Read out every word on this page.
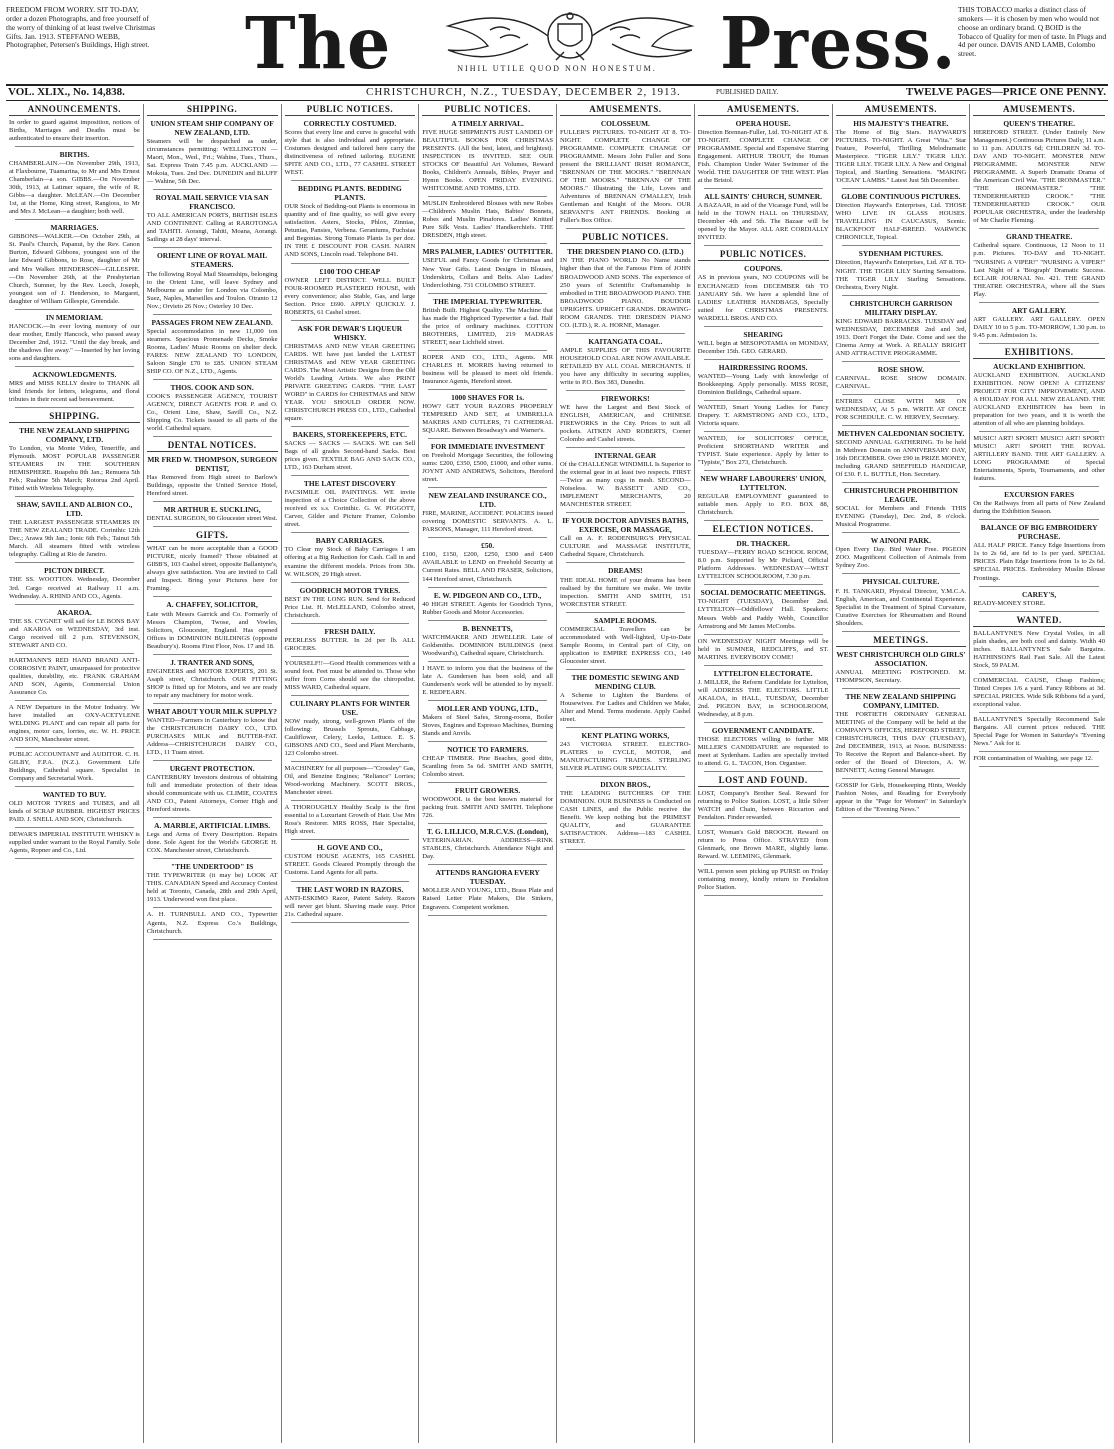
FREEDOM FROM WORRY. SIT TO-DAY, order a dozen Photographs, and free yourself of the worry of thinking of at least twelve Christmas Gifts. Jan. 1913. STEFFANO WEBB, Photographer, Petersen's Buildings, High street. The	Press. THIS TOBACCO marks a distinct class of smokers — it is chosen by men who would not choose an ordinary brand. Q BOID is the Tobacco of Quality for men of taste. In Plugs and 4d per ounce. DAVIS AND LAMB, Colombo street.
NIHIL UTILE QUOD NON HONESTUM.
VOL. XLIX., No. 14,838.	CHRISTCHURCH, N.Z., TUESDAY, DECEMBER 2, 1913.	PUBLISHED DAILY.	TWELVE PAGES—PRICE ONE PENNY.
ANNOUNCEMENTS.
In order to guard against imposition, notices of Births, Marriages and Deaths must be authenticated to ensure their insertion.
BIRTHS.
CHAMBERLAIN.—On November 29th, 1913, at Flaxbourne, Tuamarina, to Mr and Mrs Ernest Chamberlain—a son. GIBBS.—On November 30th, 1913, at Latimer square, the wife of R. Gibbs—a daughter. McLEAN.—On December 1st, at the Home, King street, Rangiora, to Mr and Mrs J. McLean—a daughter; both well.
MARRIAGES.
GIBBONS—WALKER.—On October 29th, at St. Paul's Church, Papanui, by the Rev. Canon Burton, Edward Gibbons, youngest son of the late Edward Gibbons, to Rose, daughter of Mr and Mrs Walker. HENDERSON—GILLESPIE.—On November 26th, at the Presbyterian Church, Sumner, by the Rev. Leech, Joseph, youngest son of J. Henderson, to Margaret, daughter of William Gillespie, Greendale.
IN MEMORIAM.
HANCOCK.—In ever loving memory of our dear mother, Emily Hancock, who passed away December 2nd, 1912. "Until the day break, and the shadows flee away." —Inserted by her loving sons and daughters.
ACKNOWLEDGMENTS.
MRS and MISS KELLY desire to THANK all kind friends for letters, telegrams, and floral tributes in their recent sad bereavement.
SHIPPING.
THE NEW ZEALAND SHIPPING COMPANY, LTD.
To London, via Monte Video, Teneriffe, and Plymouth. MOST POPULAR PASSENGER STEAMERS IN THE SOUTHERN HEMISPHERE. Ruapehu 8th Jan.; Remuera 5th Feb.; Ruahine 5th March; Rotorua 2nd April. Fitted with Wireless Telegraphy.
SHAW, SAVILL AND ALBION CO., LTD.
THE LARGEST PASSENGER STEAMERS IN THE NEW ZEALAND TRADE. Corinthic 12th Dec.; Arawa 9th Jan.; Ionic 6th Feb.; Tainui 5th March. All steamers fitted with wireless telegraphy. Calling at Rio de Janeiro.
PICTON DIRECT.
THE SS. WOOTTON. Wednesday, December 3rd. Cargo received at Railway 11 a.m. Wednesday. A. RHIND AND CO., Agents.
AKAROA.
THE SS. CYGNET will sail for LE BONS BAY and AKAROA on WEDNESDAY, 3rd inst. Cargo received till 2 p.m. STEVENSON, STEWART AND CO.
HARTMANN'S RED HAND BRAND ANTI-CORROSIVE PAINT, unsurpassed for protective qualities, durability, etc. FRANK GRAHAM AND SON, Agents, Commercial Union Assurance Co.
A NEW Departure in the Motor Industry. We have installed an OXY-ACETYLENE WELDING PLANT and can repair all parts for engines, motor cars, lorries, etc. W. H. PRICE AND SON, Manchester street.
PUBLIC ACCOUNTANT and AUDITOR. C. H. GILBY, F.P.A. (N.Z.). Government Life Buildings, Cathedral square. Specialist in Company and Secretarial Work.
WANTED TO BUY.
OLD MOTOR TYRES and TUBES, and all kinds of SCRAP RUBBER. HIGHEST PRICES PAID. J. SNELL AND SON, Christchurch.
DEWAR'S IMPERIAL INSTITUTE WHISKY is supplied under warrant to the Royal Family. Sole Agents, Ropner and Co., Ltd.
SHIPPING.
UNION STEAM SHIP COMPANY OF NEW ZEALAND, LTD.
Steamers will be despatched as under, circumstances permitting: WELLINGTON — Maori, Mon., Wed., Fri.; Wahine, Tues., Thurs., Sat. Express Train 7.45 p.m. AUCKLAND — Mokoia, Tues. 2nd Dec. DUNEDIN and BLUFF — Wahine, 5th Dec.
ROYAL MAIL SERVICE VIA SAN FRANCISCO.
TO ALL AMERICAN PORTS, BRITISH ISLES AND CONTINENT. Calling at RAROTONGA and TAHITI. Aorangi, Tahiti, Moana, Aorangi. Sailings at 28 days' interval.
ORIENT LINE OF ROYAL MAIL STEAMERS.
The following Royal Mail Steamships, belonging to the Orient Line, will leave Sydney and Melbourne as under for London via Colombo, Suez, Naples, Marseilles and Toulon. Otranto 12 Nov.; Orvieto 26 Nov.; Osterley 10 Dec.
PASSAGES FROM NEW ZEALAND.
Special accommodation in new 11,000 ton steamers. Spacious Promenade Decks, Smoke Rooms, Ladies' Music Rooms on shelter deck. FARES: NEW ZEALAND TO LONDON, Saloon Single £70 to £85. UNION STEAM SHIP CO. OF N.Z., LTD., Agents.
THOS. COOK AND SON.
COOK'S PASSENGER AGENCY, TOURIST AGENCY, DIRECT AGENTS FOR P. and O. Co., Orient Line, Shaw, Savill Co., N.Z. Shipping Co. Tickets issued to all parts of the world. Cathedral square.
DENTAL NOTICES.
MR FRED W. THOMPSON, SURGEON DENTIST,
Has Removed from High street to Barlow's Buildings, opposite the United Service Hotel, Hereford street.
MR ARTHUR E. SUCKLING,
DENTAL SURGEON, 90 Gloucester street West.
GIFTS.
WHAT can be more acceptable than a GOOD PICTURE, nicely framed? Those obtained at GIBB'S, 103 Cashel street, opposite Ballantyne's, always give satisfaction. You are invited to Call and Inspect. Bring your Pictures here for Framing.
A. CHAFFEY, SOLICITOR,
Late with Messrs Garrick and Co. Formerly of Messrs Champion, Twose, and Vowles, Solicitors, Gloucester, England. Has opened Offices in DOMINION BUILDINGS (opposite Beaubury's). Rooms First Floor, Nos. 17 and 18.
J. TRANTER AND SONS,
ENGINEERS and MOTOR EXPERTS, 201 St. Asaph street, Christchurch. OUR FITTING SHOP is fitted up for Motors, and we are ready to repair any machinery for motor work.
WHAT ABOUT YOUR MILK SUPPLY?
WANTED—Farmers in Canterbury to know that the CHRISTCHURCH DAIRY CO., LTD. PURCHASES MILK and BUTTER-FAT. Address—CHRISTCHURCH DAIRY CO., LTD., 11 Tuam street.
URGENT PROTECTION.
CANTERBURY Investors desirous of obtaining full and immediate protection of their ideas should communicate with us. CLIMIE, COATES AND CO., Patent Attorneys, Corner High and Hereford streets.
A. MARBLE, ARTIFICIAL LIMBS.
Legs and Arms of Every Description. Repairs done. Sole Agent for the World's GEORGE H. COX. Manchester street, Christchurch.
"THE UNDERTOOD" IS
THE TYPEWRITER (it may be) LOOK AT THIS. CANADIAN Speed and Accuracy Contest held at Toronto, Canada, 28th and 29th April, 1913. Underwood won first place.
A. H. TURNBULL AND CO., Typewriter Agents, N.Z. Express Co.'s Buildings, Christchurch.
PUBLIC NOTICES.
CORRECTLY COSTUMED.
Scores that every line and curve is graceful with style that is also individual and appropriate. Costumes designed and tailored here carry the distinctiveness of refined tailoring. EUGENE SPITE AND CO., LTD., 77 CASHEL STREET WEST.
BEDDING PLANTS. BEDDING PLANTS.
OUR Stock of Bedding-out Plants is enormous in quantity and of fine quality, so will give every satisfaction. Asters, Stocks, Phlox, Zinnias, Petunias, Pansies, Verbena. Geraniums, Fuchsias and Begonias. Strong Tomato Plants 1s per doz. IN THE £ DISCOUNT FOR CASH. NAIRN AND SONS, Lincoln road. Telephone 841.
£100 TOO CHEAP
OWNER LEFT DISTRICT. WELL BUILT FOUR-ROOMED PLASTERED HOUSE, with every convenience; also Stable, Gas, and large Section. Price £690. APPLY QUICKLY. J. ROBERTS, 61 Cashel street.
ASK FOR DEWAR'S LIQUEUR WHISKY.
CHRISTMAS AND NEW YEAR GREETING CARDS. WE have just landed the LATEST CHRISTMAS and NEW YEAR GREETING CARDS. The Most Artistic Designs from the Old World's Leading Artists. We also PRINT PRIVATE GREETING CARDS. "THE LAST WORD" in CARDS for CHRISTMAS and NEW YEAR. YOU SHOULD ORDER NOW. CHRISTCHURCH PRESS CO., LTD., Cathedral square.
BAKERS, STOREKEEPERS, ETC.
SACKS — SACKS — SACKS. WE can Sell Bags of all grades Second-hand Sacks. Best prices given. TEXTILE BAG AND SACK CO., LTD., 163 Durham street.
THE LATEST DISCOVERY
FACSIMILE OIL PAINTINGS. WE invite inspection of a Choice Collection of the above received ex s.s. Corinthic. G. W. PIGGOTT, Carver, Gilder and Picture Framer, Colombo street.
BABY CARRIAGES.
TO Clear my Stock of Baby Carriages I am offering at a Big Reduction for Cash. Call in and examine the different models. Prices from 30s. W. WILSON, 29 High street.
GOODRICH MOTOR TYRES.
BEST IN THE LONG RUN. Send for Reduced Price List. H. McLELLAND, Colombo street, Christchurch.
FRESH DAILY.
PEERLESS BUTTER. In 2d per lb. ALL GROCERS.
YOURSELF!!—Good Health commences with a sound foot. Feet must be attended to. Those who suffer from Corns should see the chiropodist. MISS WARD, Cathedral square.
CULINARY PLANTS FOR WINTER USE.
NOW ready, strong, well-grown Plants of the following: Brussels Sprouts, Cabbage, Cauliflower, Celery, Leeks, Lettuce. E. S. GIBSONS AND CO., Seed and Plant Merchants, 123 Colombo street.
MACHINERY for all purposes—"Crossley" Gas, Oil, and Benzine Engines; "Reliance" Lorries; Wood-working Machinery. SCOTT BROS., Manchester street.
A THOROUGHLY Healthy Scalp is the first essential to a Luxuriant Growth of Hair. Use Mrs Ross's Restorer. MRS ROSS, Hair Specialist, High street.
H. GOVE AND CO.,
CUSTOM HOUSE AGENTS, 165 CASHEL STREET. Goods Cleared Promptly through the Customs. Land Agents for all parts.
THE LAST WORD IN RAZORS.
ANTI-ESKIMO Razor, Patent Safety. Razors will never get blunt. Shaving made easy. Price 21s. Cathedral square.
PUBLIC NOTICES.
A TIMELY ARRIVAL.
FIVE HUGE SHIPMENTS JUST LANDED OF BEAUTIFUL BOOKS FOR CHRISTMAS PRESENTS. (All the best, latest, and brightest). INSPECTION IS INVITED. SEE OUR STOCKS OF Beautiful Art Volumes, Reward Books, Children's Annuals, Bibles, Prayer and Hymn Books. OPEN FRIDAY EVENING. WHITCOMBE AND TOMBS, LTD.
MUSLIN Embroidered Blouses with new Robes—Children's Muslin Hats, Babies' Bonnets, Robes and Muslin Pinafores. Ladies' Knitted Pure Silk Vests. Ladies' Handkerchiefs. THE DRESDEN, High street.
MRS PALMER, LADIES' OUTFITTER.
USEFUL and Fancy Goods for Christmas and New Year Gifts. Latest Designs in Blouses, Underskirts, Collars and Belts. Also Ladies' Underclothing. 731 COLOMBO STREET.
THE IMPERIAL TYPEWRITER.
British Built. Highest Quality. The Machine that has made the Highpriced Typewriter a fad. Half the price of ordinary machines. COTTON BROTHERS, LIMITED, 219 MADRAS STREET, near Lichfield street.
ROPER AND CO., LTD., Agents. MR CHARLES H. MORRIS having returned to business will be pleased to meet old friends. Insurance Agents, Hereford street.
1000 SHAVES FOR 1s.
HOW? GET YOUR RAZORS PROPERLY TEMPERED AND SET, at UMBRELLA MAKERS AND CUTLERS, 71 CATHEDRAL SQUARE. Between Broadway's and Warner's.
FOR IMMEDIATE INVESTMENT
on Freehold Mortgage Securities, the following sums: £200, £350, £500, £1000, and other sums. JOYNT AND ANDREWS, Solicitors, Hereford street.
NEW ZEALAND INSURANCE CO., LTD.
FIRE, MARINE, ACCIDENT. POLICIES issued covering DOMESTIC SERVANTS. A. L. PARSONS, Manager, 111 Hereford street.
£50.
£100, £150, £200, £250, £300 and £400 AVAILABLE to LEND on Freehold Security at Current Rates. BELL AND FRASER, Solicitors, 144 Hereford street, Christchurch.
E. W. PIDGEON AND CO., LTD.,
40 HIGH STREET. Agents for Goodrich Tyres, Rubber Goods and Motor Accessories.
B. BENNETTS,
WATCHMAKER AND JEWELLER. Late of Goldsmiths. DOMINION BUILDINGS (next Woodward's), Cathedral square, Christchurch.
I HAVE to inform you that the business of the late A. Gundersen has been sold, and all Gundersen's work will be attended to by myself. E. REDFEARN.
MOLLER AND YOUNG, LTD.,
Makers of Steel Safes, Strong-rooms, Boiler Stoves, Engines and Espresso Machines, Burning Stands and Anvils.
NOTICE TO FARMERS.
CHEAP TIMBER. Pine Beaches, good ditto, Scantling from 5s 6d. SMITH AND SMITH, Colombo street.
FRUIT GROWERS.
WOODWOOL is the best known material for packing fruit. SMITH AND SMITH. Telephone 726.
T. G. LILLICO, M.R.C.V.S. (London),
VETERINARIAN. ADDRESS—RINK STABLES, Christchurch. Attendance Night and Day.
ATTENDS RANGIORA EVERY TUESDAY.
MOLLER AND YOUNG, LTD., Brass Plate and Raised Letter Plate Makers, Die Sinkers, Engravers. Competent workmen.
AMUSEMENTS.
COLOSSEUM.
FULLER'S PICTURES. TO-NIGHT AT 8. TO-NIGHT. COMPLETE CHANGE OF PROGRAMME. COMPLETE CHANGE OF PROGRAMME. Messrs John Fuller and Sons present the BRILLIANT IRISH ROMANCE, "BRENNAN OF THE MOORS." "BRENNAN OF THE MOORS." "BRENNAN OF THE MOORS." Illustrating the Life, Loves and Adventures of BRENNAN O'MALLEY, Irish Gentleman and Knight of the Moors. OUR SERVANT'S ANT FRIENDS. Booking at Fuller's Box Office.
PUBLIC NOTICES.
THE DRESDEN PIANO CO. (LTD.)
IN THE PIANO WORLD No Name stands higher than that of the Famous Firm of JOHN BROADWOOD AND SONS. The experience of 250 years of Scientific Craftsmanship is embodied in THE BROADWOOD PIANO. THE BROADWOOD PIANO. BOUDOIR UPRIGHTS. UPRIGHT GRANDS. DRAWING-ROOM GRANDS. THE DRESDEN PIANO CO. (LTD.), R. A. HORNE, Manager.
KAITANGATA COAL.
AMPLE SUPPLIES OF THIS FAVOURITE HOUSEHOLD COAL ARE NOW AVAILABLE. RETAILED BY ALL COAL MERCHANTS. If you have any difficulty in securing supplies, write to P.O. Box 383, Dunedin.
FIREWORKS!
WE have the Largest and Best Stock of ENGLISH, AMERICAN, and CHINESE FIREWORKS in the City. Prices to suit all pockets. AITKEN AND ROBERTS, Corner Colombo and Cashel streets.
INTERNAL GEAR
Of the CHALLENGE WINDMILL Is Superior to the external gear in at least two respects. FIRST—Twice as many cogs in mesh. SECOND—Noiseless. W. BASSETT AND CO., IMPLEMENT MERCHANTS, 20 MANCHESTER STREET.
IF YOUR DOCTOR ADVISES BATHS, EXERCISE, OR MASSAGE,
Call on A. F. RODENBURG'S PHYSICAL CULTURE and MASSAGE INSTITUTE, Cathedral Square, Christchurch.
DREAMS!
THE IDEAL HOME of your dreams has been realised by the furniture we make. We invite inspection. SMITH AND SMITH, 151 WORCESTER STREET.
SAMPLE ROOMS.
COMMERCIAL Travellers can be accommodated with Well-lighted, Up-to-Date Sample Rooms, in Central part of City, on application to EMPIRE EXPRESS CO., 149 Gloucester street.
THE DOMESTIC SEWING AND MENDING CLUB.
A Scheme to Lighten the Burdens of Housewives. For Ladies and Children we Make, Alter and Mend. Terms moderate. Apply Cashel street.
KENT PLATING WORKS,
243 VICTORIA STREET. ELECTRO-PLATERS to CYCLE, MOTOR, and MANUFACTURING TRADES. STERLING SILVER PLATING OUR SPECIALITY.
DIXON BROS.,
THE LEADING BUTCHERS OF THE DOMINION. OUR BUSINESS is Conducted on CASH LINES, and the Public receive the Benefit. We keep nothing but the PRIMEST QUALITY, and GUARANTEE SATISFACTION. Address—183 CASHEL STREET.
AMUSEMENTS.
OPERA HOUSE.
Direction Brennan-Fuller, Ltd. TO-NIGHT AT 8. TO-NIGHT. COMPLETE CHANGE OF PROGRAMME. Special and Expensive Starring Engagement. ARTHUR TROUT, the Human Fish. Champion Under Water Swimmer of the World. THE DAUGHTER OF THE WEST. Plan at the Bristol.
ALL SAINTS' CHURCH, SUMNER.
A BAZAAR, in aid of the Vicarage Fund, will be held in the TOWN HALL on THURSDAY, December 4th and 5th. The Bazaar will be opened by the Mayor. ALL ARE CORDIALLY INVITED.
PUBLIC NOTICES.
COUPONS.
AS in previous years, NO COUPONS will be EXCHANGED from DECEMBER 6th TO JANUARY 5th. We have a splendid line of LADIES' LEATHER HANDBAGS, Specially suited for CHRISTMAS PRESENTS. WARDELL BROS. AND CO.
SHEARING
WILL begin at MESOPOTAMIA on MONDAY, December 15th. GEO. GERARD.
HAIRDRESSING ROOMS.
WANTED—Young Lady with knowledge of Bookkeeping. Apply personally. MISS ROSE, Dominion Buildings, Cathedral square.
WANTED, Smart Young Ladies for Fancy Drapery. T. ARMSTRONG AND CO., LTD., Victoria square.
WANTED, for SOLICITORS' OFFICE, Proficient SHORTHAND WRITER and TYPIST. State experience. Apply by letter to "Typiste," Box 273, Christchurch.
NEW WHARF LABOURERS' UNION, LYTTELTON.
REGULAR EMPLOYMENT guaranteed to suitable men. Apply to P.O. BOX 88, Christchurch.
ELECTION NOTICES.
DR. THACKER.
TUESDAY—FERRY ROAD SCHOOL ROOM, 8.0 p.m. Supported by Mr Pickard, Official Platform Addresses. WEDNESDAY—WEST LYTTELTON SCHOOLROOM, 7.30 p.m.
SOCIAL DEMOCRATIC MEETINGS.
TO-NIGHT (TUESDAY), December 2nd. LYTTELTON—Oddfellows' Hall. Speakers: Messrs Webb and Paddy Webb, Councillor Armstrong and Mr James McCombs.
ON WEDNESDAY NIGHT Meetings will be held in SUMNER, REDCLIFFS, and ST. MARTINS. EVERYBODY COME!
LYTTELTON ELECTORATE.
J. MILLER, the Reform Candidate for Lyttelton, will ADDRESS THE ELECTORS. LITTLE AKALOA, in HALL, TUESDAY, December 2nd. PIGEON BAY, in SCHOOLROOM, Wednesday, at 8 p.m.
GOVERNMENT CANDIDATE.
THOSE ELECTORS willing to further MR MILLER'S CANDIDATURE are requested to meet at Sydenham. Ladies are specially invited to attend. G. L. TACON, Hon. Organiser.
LOST AND FOUND.
LOST, Company's Brother Seal. Reward for returning to Police Station. LOST, a little Silver WATCH and Chain, between Riccarton and Fendalton. Finder rewarded.
LOST, Woman's Gold BROOCH. Reward on return to Press Office. STRAYED from Glenmark, one Brown MARE, slightly lame. Reward. W. LEEMING, Glenmark.
WILL person seen picking up PURSE on Friday containing money, kindly return to Fendalton Police Station.
AMUSEMENTS.
HIS MAJESTY'S THEATRE.
The Home of Big Stars. HAYWARD'S PICTURES. TO-NIGHT. A Great "Vita." Star Feature, Powerful, Thrilling Melodramatic Masterpiece. "TIGER LILY." TIGER LILY. TIGER LILY. TIGER LILY. A New and Original Topical, and Startling Sensations. "MAKING 'OCEAN' LAMBS." Latest Just 5th December.
GLOBE CONTINUOUS PICTURES.
Direction Hayward's Enterprises, Ltd. THOSE WHO LIVE IN GLASS HOUSES. TRAVELLING IN CAUCASUS, Scenic. BLACKFOOT HALF-BREED. WARWICK CHRONICLE, Topical.
SYDENHAM PICTURES.
Direction, Hayward's Enterprises, Ltd. AT 8. TO-NIGHT. THE TIGER LILY Starting Sensations. THE TIGER LILY Starling Sensations. Orchestra, Every Night.
CHRISTCHURCH GARRISON MILITARY DISPLAY.
KING EDWARD BARRACKS. TUESDAY and WEDNESDAY, DECEMBER 2nd and 3rd, 1913. Don't Forget the Date. Come and see the Cinema Army at Work. A REALLY BRIGHT AND ATTRACTIVE PROGRAMME.
ROSE SHOW.
CARNIVAL. ROSE SHOW DOMAIN. CARNIVAL.
ENTRIES CLOSE WITH MR ON WEDNESDAY, At 5 p.m. WRITE AT ONCE FOR SCHEDULE. C. W. HERVEY, Secretary.
METHVEN CALEDONIAN SOCIETY.
SECOND ANNUAL GATHERING. To be held in Methven Domain on ANNIVERSARY DAY, 16th DECEMBER. Over £90 in PRIZE MONEY, including GRAND SHEFFIELD HANDICAP, Of £30. F. L. BUTTLE, Hon. Secretary.
CHRISTCHURCH PROHIBITION LEAGUE.
SOCIAL for Members and Friends THIS EVENING (Tuesday), Dec. 2nd, 8 o'clock. Musical Programme.
W AINONI PARK.
Open Every Day. Bird Water Free. PIGEON ZOO. Magnificent Collection of Animals from Sydney Zoo.
PHYSICAL CULTURE.
F. H. TANKARD, Physical Director, Y.M.C.A. English, American, and Continental Experience. Specialist in the Treatment of Spinal Curvature, Curative Exercises for Rheumatism and Round Shoulders.
MEETINGS.
WEST CHRISTCHURCH OLD GIRLS' ASSOCIATION.
ANNUAL MEETING POSTPONED. M. THOMPSON, Secretary.
THE NEW ZEALAND SHIPPING COMPANY, LIMITED.
THE FORTIETH ORDINARY GENERAL MEETING of the Company will be held at the COMPANY'S OFFICES, HEREFORD STREET, CHRISTCHURCH, THIS DAY (TUESDAY), 2nd DECEMBER, 1913, at Noon. BUSINESS: To Receive the Report and Balance-sheet. By order of the Board of Directors, A. W. BENNETT, Acting General Manager.
GOSSIP for Girls, Housekeeping Hints, Weekly Fashion Notes, and Reading for Everybody appear in the "Page for Women" in Saturday's Edition of the "Evening News."
AMUSEMENTS.
QUEEN'S THEATRE.
HEREFORD STREET. (Under Entirely New Management.) Continuous Pictures Daily, 11 a.m. to 11 p.m. ADULTS 6d; CHILDREN 3d. TO-DAY AND TO-NIGHT. MONSTER NEW PROGRAMME. MONSTER NEW PROGRAMME. A Superb Dramatic Drama of the American Civil War. "THE IRONMASTER." "THE IRONMASTER." "THE TENDERHEARTED CROOK." "THE TENDERHEARTED CROOK." OUR POPULAR ORCHESTRA, under the leadership of Mr Charlie Fleming.
GRAND THEATRE.
Cathedral square. Continuous, 12 Noon to 11 p.m. Pictures. TO-DAY and TO-NIGHT. "NURSING A VIPER!" "NURSING A VIPER!" Last Night of a 'Biograph' Dramatic Success. ECLAIR JOURNAL No. 421. THE GRAND THEATRE ORCHESTRA, where all the Stars Play.
ART GALLERY.
ART GALLERY. ART GALLERY. OPEN DAILY 10 to 5 p.m. TO-MORROW, 1.30 p.m. to 9.45 p.m. Admission 1s.
EXHIBITIONS.
AUCKLAND EXHIBITION.
AUCKLAND EXHIBITION. AUCKLAND EXHIBITION. NOW OPEN! A CITIZENS' PROJECT FOR CITY IMPROVEMENT, AND A HOLIDAY FOR ALL NEW ZEALAND. THE AUCKLAND EXHIBITION has been in preparation for two years, and it is worth the attention of all who are planning holidays.
MUSIC! ART! SPORT! MUSIC! ART! SPORT! MUSIC! ART! SPORT! THE ROYAL ARTILLERY BAND. THE ART GALLERY. A LONG PROGRAMME of Special Entertainments, Sports, Tournaments, and other features.
EXCURSION FARES
On the Railways from all parts of New Zealand during the Exhibition Season.
BALANCE OF BIG EMBROIDERY PURCHASE.
ALL HALF PRICE. Fancy Edge Insertions from 1s to 2s 6d, are 6d to 1s per yard. SPECIAL PRICES. Plain Edge Insertions from 1s to 2s 6d. SPECIAL PRICES. Embroidery Muslin Blouse Frontings.
CAREY'S,
READY-MONEY STORE.
WANTED.
BALLANTYNE'S New Crystal Voiles, in all plain shades, are both cool and dainty. Width 40 inches. BALLANTYNE'S Sale Bargains. HATHINSON'S Rail Fast Sale. All the Latest Stock, 59 PALM.
COMMERCIAL CAUSE, Cheap Fashions; Tinted Crepes 1/6 a yard. Fancy Ribbons at 3d. SPECIAL PRICES. Wide Silk Ribbons 6d a yard, exceptional value.
BALLANTYNE'S Specially Recommend Sale Bargains. All current prices reduced. THE Special Page for Women in Saturday's "Evening News." Ask for it.
FOR contamination of Washing, see page 12.
